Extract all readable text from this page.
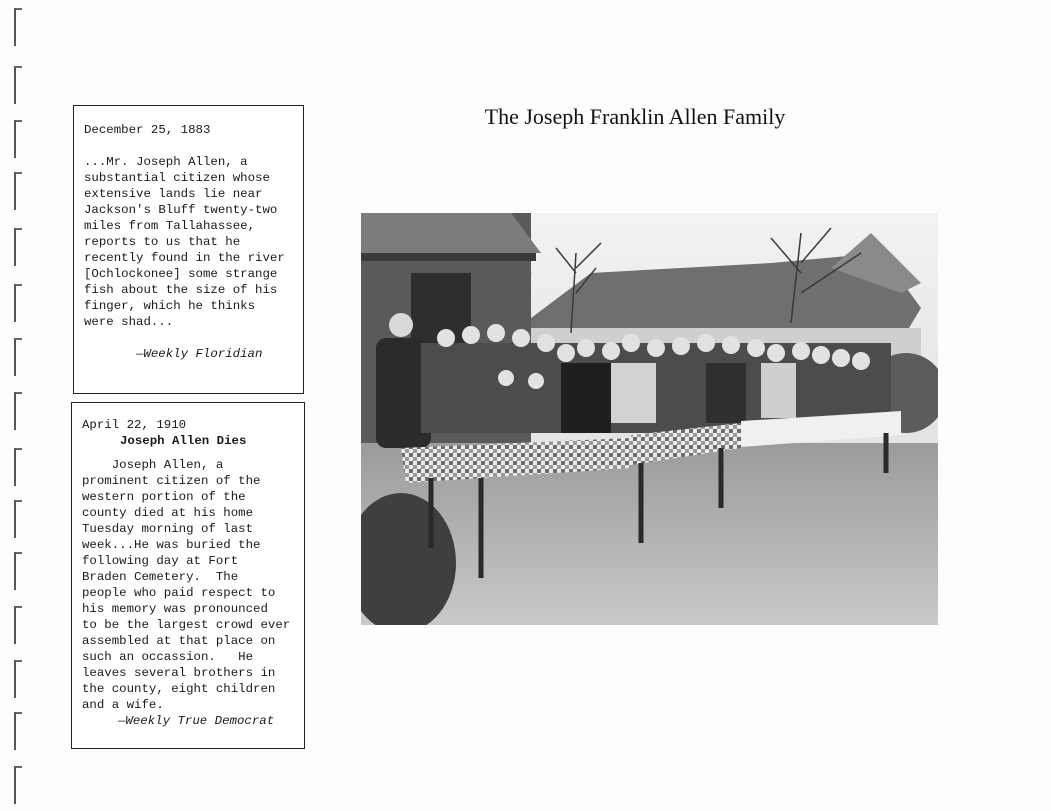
December 25, 1883
...Mr. Joseph Allen, a
substantial citizen whose
extensive lands lie near
Jackson's Bluff twenty-two
miles from Tallahassee,
reports to us that he
recently found in the river
[Ochlockonee] some strange
fish about the size of his
finger, which he thinks
were shad...
—Weekly Floridian
April 22, 1910
Joseph Allen Dies
Joseph Allen, a
prominent citizen of the
western portion of the
county died at his home
Tuesday morning of last
week...He was buried the
following day at Fort
Braden Cemetery.  The
people who paid respect to
his memory was pronounced
to be the largest crowd ever
assembled at that place on
such an occassion.   He
leaves several brothers in
the county, eight children
and a wife.
—Weekly True Democrat
The Joseph Franklin Allen Family
